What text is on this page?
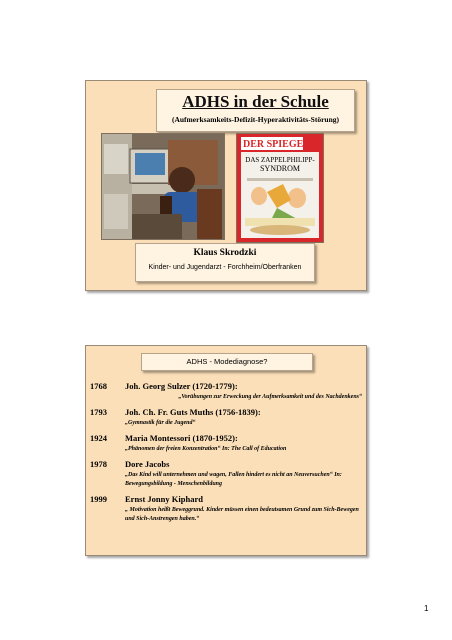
ADHS in der Schule
(Aufmerksamkeits-Defizit-Hyperaktivitäts-Störung)
DER SPIEGEL
DAS ZAPPELPHILIPP-
SYNDROM
Klaus Skrodzki
Kinder- und Jugendarzt - Forchheim/Oberfranken
ADHS - Modediagnose?
1768 Joh. Georg Sulzer (1720-1779):
„Vorübungen zur Erweckung der Aufmerksamkeit und des Nachdenkens“
1793 Joh. Ch. Fr. Guts Muths (1756-1839):
„Gymnastik für die Jugend“
1924 Maria Montessori (1870-1952):
„Phänomen der freien Konzentration“ In: The Call of Education
1978 Dore Jacobs
„Das Kind will unternehmen und wagen, Fallen hindert es nicht an Neuversuchen“ In: Bewegungsbildung - Menschenbildung
1999 Ernst Jonny Kiphard
„ Motivation heißt Beweggrund. Kinder müssen einen bedeutsamen Grund zum Sich-Bewegen und Sich-Anstrengen haben.“
1
